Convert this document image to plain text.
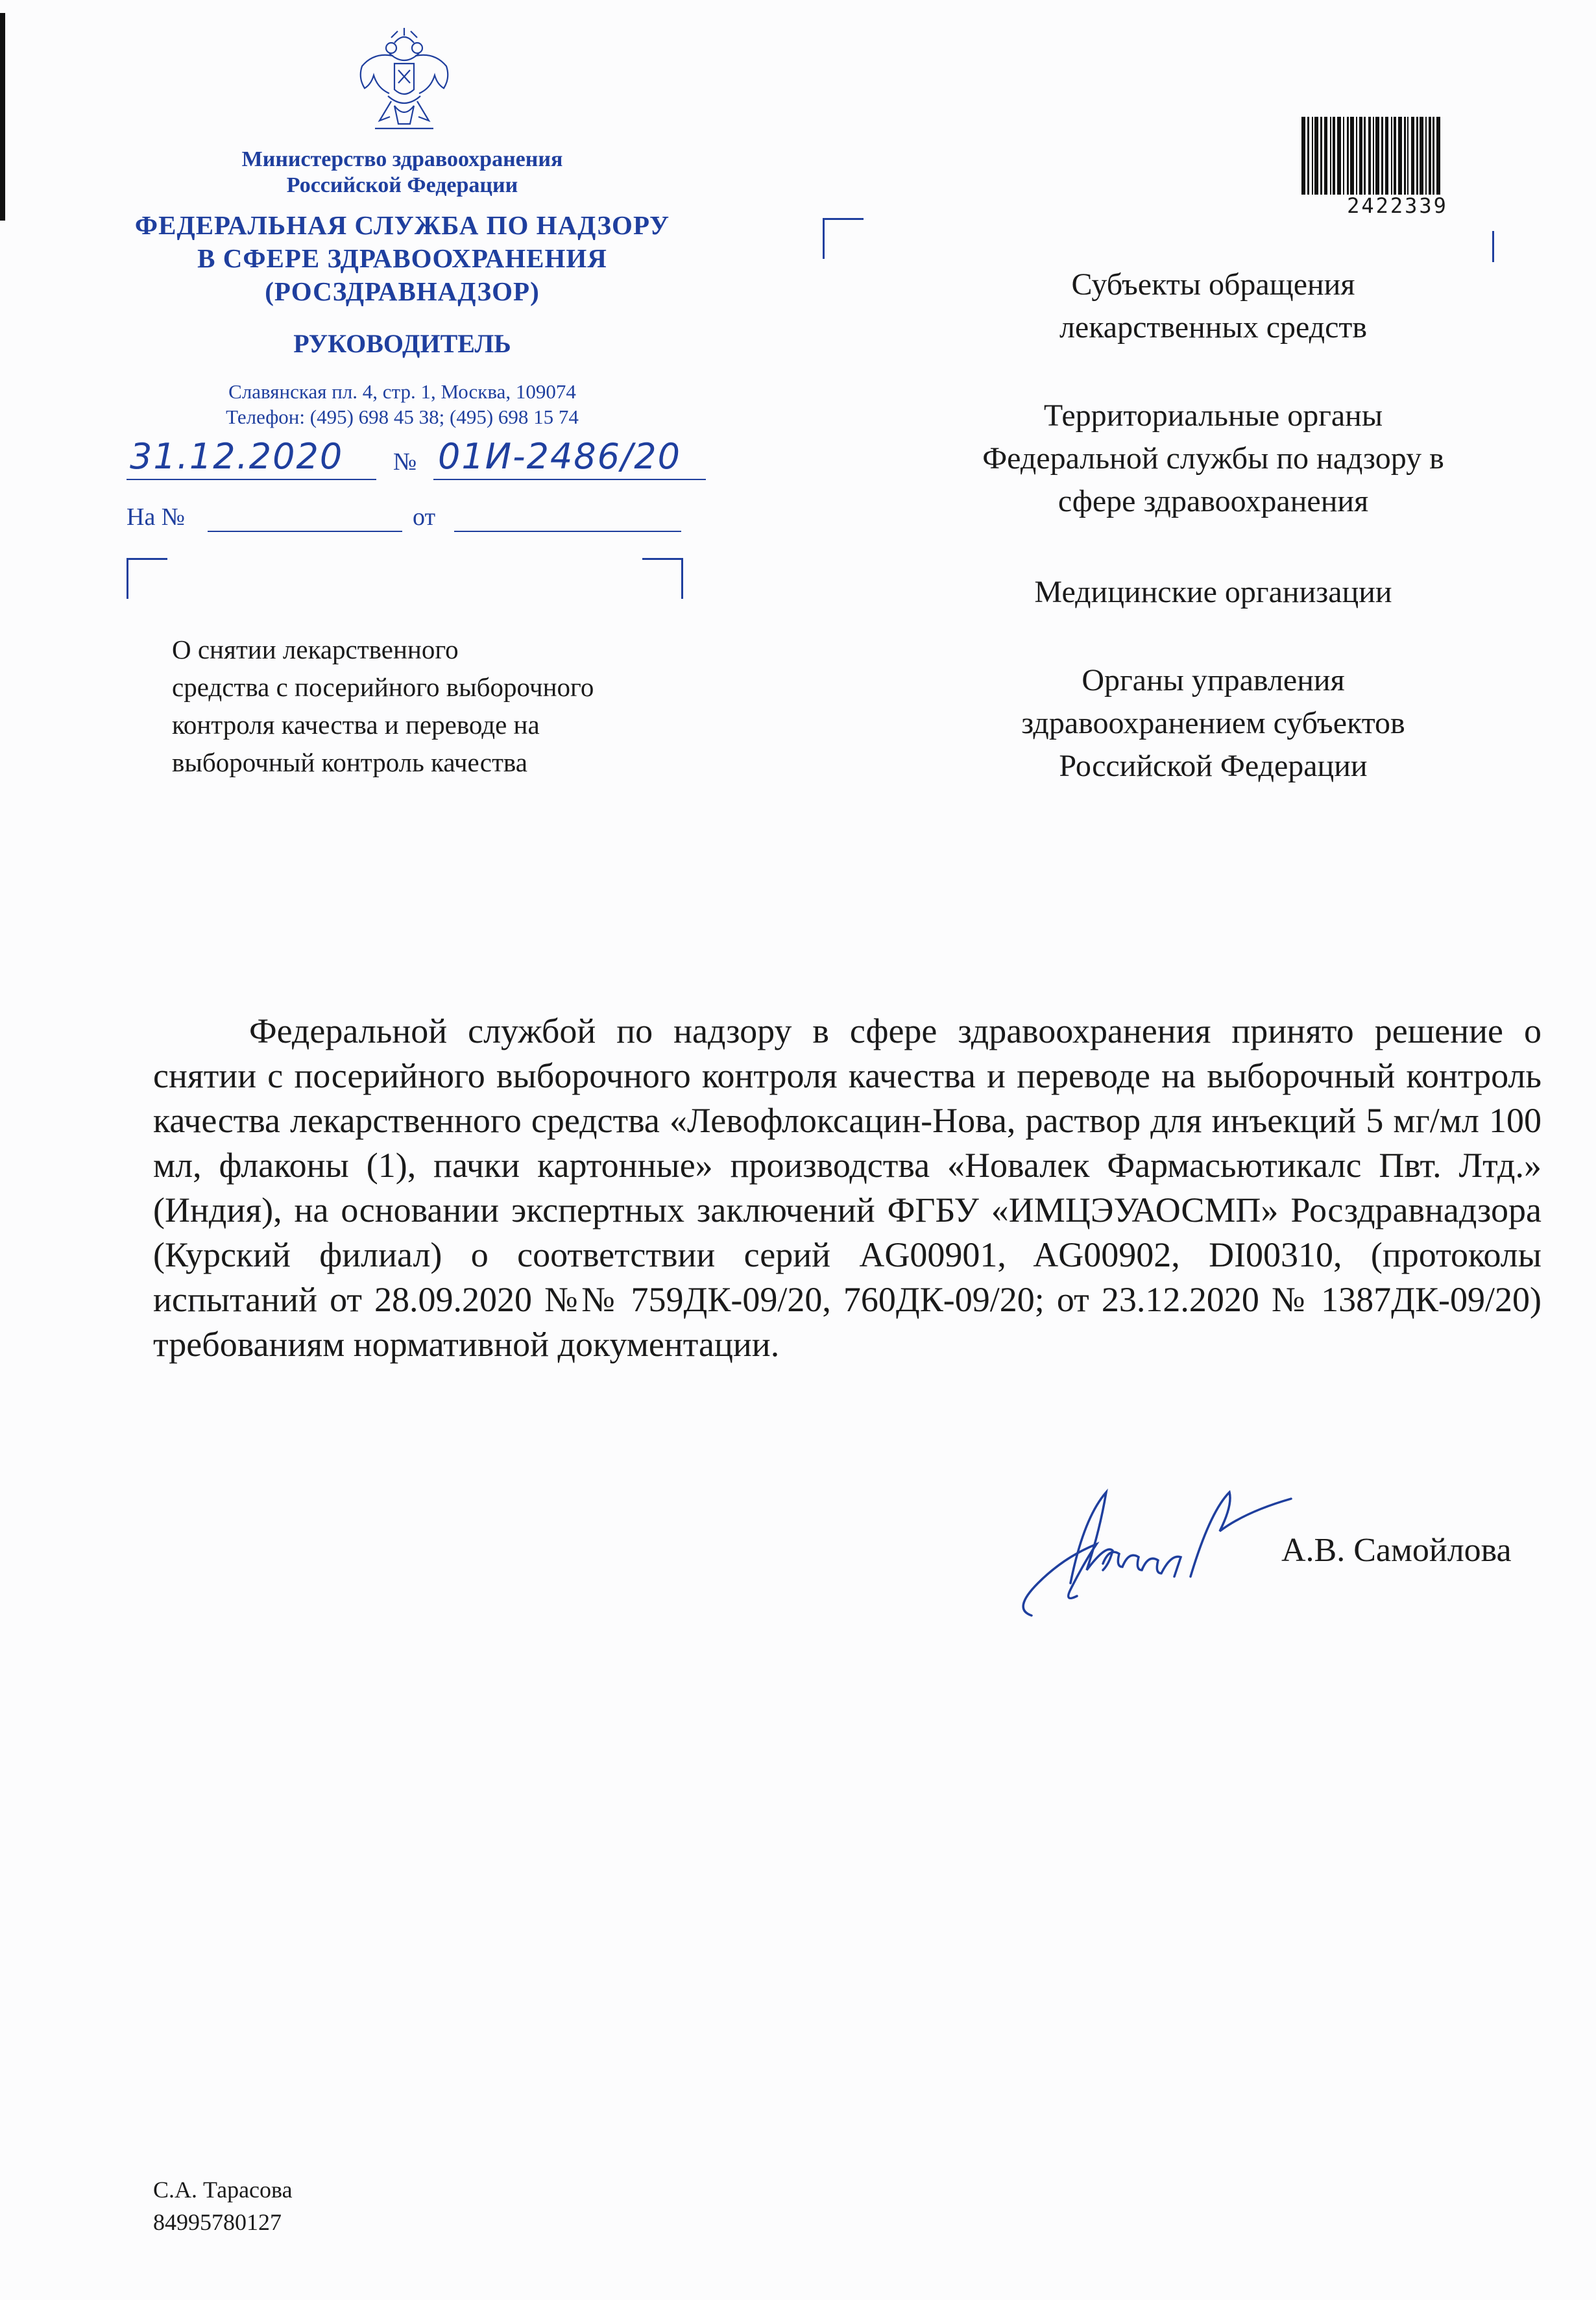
Министерство здравоохранения
Российской Федерации
ФЕДЕРАЛЬНАЯ СЛУЖБА ПО НАДЗОРУ
В СФЕРЕ ЗДРАВООХРАНЕНИЯ
(РОСЗДРАВНАДЗОР)
РУКОВОДИТЕЛЬ
Славянская пл. 4, стр. 1, Москва, 109074
Телефон: (495) 698 45 38; (495) 698 15 74
31.12.2020 № 01И-2486/20
На №	от
О снятии лекарственного
средства с посерийного выборочного
контроля качества и переводе на
выборочный контроль качества
2422339
Субъекты обращения
лекарственных средств
Территориальные органы
Федеральной службы по надзору в
сфере здравоохранения
Медицинские организации
Органы управления
здравоохранением субъектов
Российской Федерации
Федеральной службой по надзору в сфере здравоохранения принято решение о снятии с посерийного выборочного контроля качества и переводе на выборочный контроль качества лекарственного средства «Левофлоксацин-Нова, раствор для инъекций 5 мг/мл 100 мл, флаконы (1), пачки картонные» производства «Новалек Фармасьютикалс Пвт. Лтд.» (Индия), на основании экспертных заключений ФГБУ «ИМЦЭУАОСМП» Росздравнадзора (Курский филиал) о соответствии серий AG00901, AG00902, DI00310, (протоколы испытаний от 28.09.2020 №№ 759ДК-09/20, 760ДК-09/20; от 23.12.2020 № 1387ДК-09/20) требованиям нормативной документации.
А.В. Самойлова
С.А. Тарасова
84995780127
